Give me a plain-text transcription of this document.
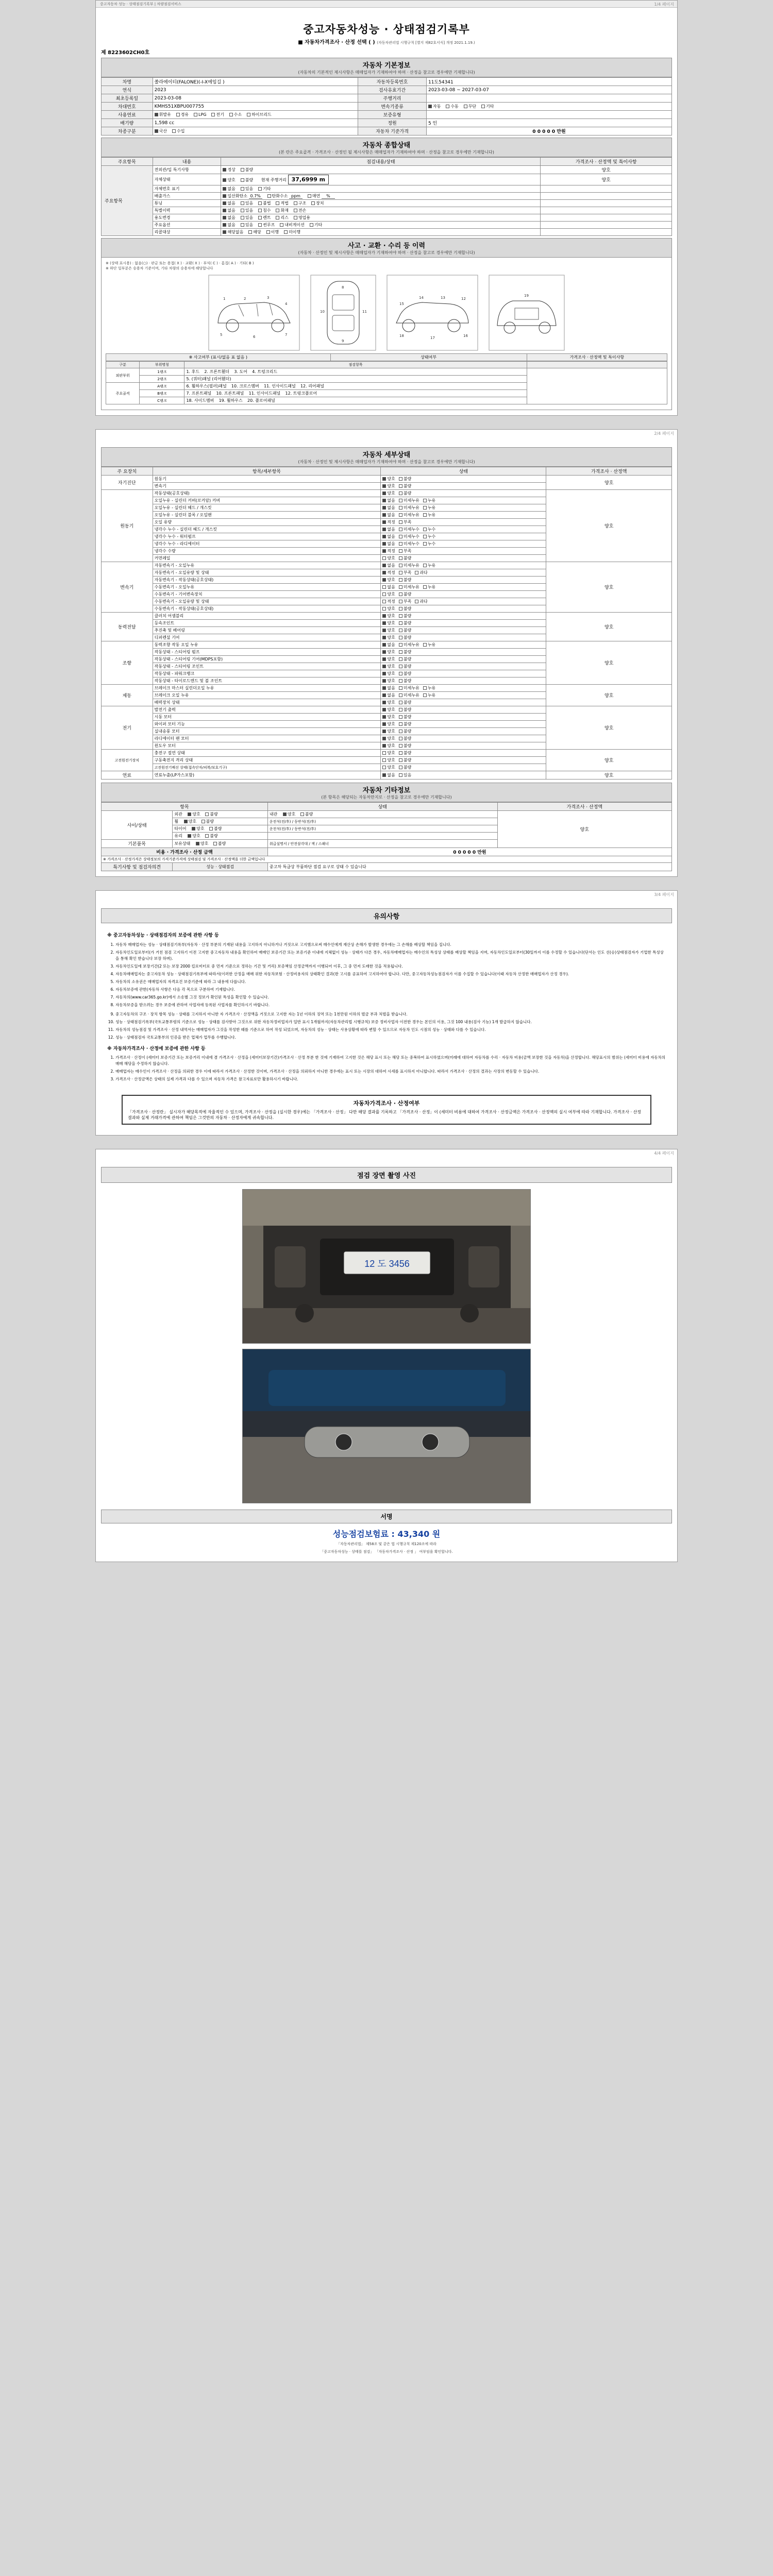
중고자동차 성능 · 상태점검기록부 | 차량점검서비스	1/4 페이지
중고자동차성능 · 상태점검기록부
■ 자동차가격조사 · 산정 선택 ( ) (자동차관리법 시행규칙 [별지 제82호서식] 개정 2021.1.19.)
제 8223602CH0호
자동차 기본정보
(자동차의 기본적인 제시사항은 매매업자가 기재하여야 하며 · 산정을 참고로 경우에만 기재합니다)
차명	쏠라에이티(FALONE)(-I-X에임길 )	자동차등록번호	11도54341
연식	2023	검사유효기간	2023-03-08 ~ 2027-03-07
최초등록일	2023-03-08	주행거리	
차대번호	KMHS51XBPU007755	변속기종류	자동 수동 무단 기타
사용연료	휘발유 경유 LPG 전기 수소 하이브리드	보증유형	
배기량	1,598 cc	정원	5 인
차종구분	국산 수입	자동차 기준가격	0 0 0 0 0 만원
자동차 종합상태
(본 란은 주요골격 · 가격조사 · 산정인 될 제시사항은 매매업자가 기재하여야 하며 · 산정을 참고로 경우에만 기재합니다)
주요항목	내용	점검내용/상태	가격조사 · 산정액 및 특이사항
주요항목	전외관/입 특기사항	정상 불량	양호
	자체상태	양호 불량 현재 주행거리 37,6999 m	양호
	자체번호 표기	없음 있음 기타	
	배출가스	일산화탄소 0.7% 탄화수소 ppm 매연 %	
	튜닝	없음 있음 불법 적법 구조 장치	
	특별이력	없음 있음 침수 화재 전손	
	용도변경	없음 있음 렌트 리스 영업용	
	주요옵션	없음 있음 썬루프 내비게이션 기타	
	리콜대상	해당없음 해당 이행 미이행	
사고 · 교환 · 수리 등 이력
(자동차 · 산정인 및 제시사항은 매매업자가 기재하여야 하며 · 산정을 참고로 경우에만 기재합니다)
※ (상태 표시용) : 없음(○) · 판금 또는 용접( X ) · 교환( X ) · 부식( C ) · 흠집( A ) · 기타( B )
※ 하단 일부분은 승용차 기준이며, 기타 차량의 승용차에 해당합니다
1	2	3
4
5	6	7
8
9
10	11
12
13
14
15
16
17
18
19
※ 사고여부 (표시/없음 표 없음 )	상태여부	가격조사 · 산정액 및 특이사항
구분	부위명칭	점검항목	
외판부위	1랭크	1. 후드 2. 프론트휀더 3. 도어 4. 트렁크리드	
	2랭크	5. (쿼터)패널 (리어휀더)	
주요골격	A랭크	6. 휠하우스(필러)패널 10. 크로스멤버 11. 인사이드패널 12. 리어패널	
	B랭크	7. 프론트패널 10. 프론트패널 11. 인사이드패널 12. 트렁크플로어	
	C랭크	18. 사이드멤버 19. 휠하우스 20. 플로어패널	
2/4 페이지
자동차 세부상태
(자동차 · 산정인 및 제시사항은 매매업자가 기재하여야 하며 · 산정을 참고로 경우에만 기재합니다)
주 요장치	항목/세부항목	상태	가격조사 · 산정액
자기진단	원동기	양호 불량	양호
	변속기	양호 불량	
원동기	작동상태(공호상태)	양호 불량	양호
	오일누유 - 실린더 커버(로커암) 커버	없음 미세누유 누유	
	오일누유 - 실린더 헤드 / 개스킷	없음 미세누유 누유	
	오일누유 - 실린더 블록 / 오일팬	없음 미세누유 누유	
	오일 유량	적정 부족	
	냉각수 누수 - 실린더 헤드 / 개스킷	없음 미세누수 누수	
	냉각수 누수 - 워터펌프	없음 미세누수 누수	
	냉각수 누수 - 라디에이터	없음 미세누수 누수	
	냉각수 수량	적정 부족	
	커먼레일	양호 불량	
변속기	자동변속기 - 오일누유	없음 미세누유 누유	양호
	자동변속기 - 오일유량 및 상태	적정 부족 과다	
	자동변속기 - 작동상태(공호상태)	양호 불량	
	수동변속기 - 오일누유	없음 미세누유 누유	
	수동변속기 - 기어변속장치	양호 불량	
	수동변속기 - 오일유량 및 상태	적정 부족 과다	
	수동변속기 - 작동상태(공호상태)	양호 불량	
동력전달	클러치 어셈블리	양호 불량	양호
	등속조인트	양호 불량	
	추진축 및 베어링	양호 불량	
	디퍼렌셜 기어	양호 불량	
조향	동력조향 작동 오일 누유	없음 미세누유 누유	양호
	작동상태 - 스티어링 펌프	양호 불량	
	작동상태 - 스티어링 기어(MDPS포함)	양호 불량	
	작동상태 - 스티어링 조인트	양호 불량	
	작동상태 - 파워크랭크	양호 불량	
	작동상태 - 타이로드엔드 및 볼 조인트	양호 불량	
제동	브레이크 마스터 실린더오일 누유	없음 미세누유 누유	양호
	브레이크 오일 누유	없음 미세누유 누유	
	배력장치 상태	양호 불량	
전기	발전기 출력	양호 불량	양호
	시동 모터	양호 불량	
	와이퍼 모터 기능	양호 불량	
	실내송풍 모터	양호 불량	
	라디에이터 팬 모터	양호 불량	
	윈도우 모터	양호 불량	
고전원전기장치	충전구 절연 상태	양호 불량	양호
	구동축전지 격리 상태	양호 불량	
	고전원전기배선 상태(접속단자/피복/보호기구)	양호 불량	
연료	연료누출(LP가스포함)	없음 있음	양호
자동차 기타정보
(본 항목은 해당되는 자동차만지로 · 산정을 참고로 경우에만 기재합니다)
항목		상태	가격조사 · 산정액
사이/상태	외관 양호 불량	내관 양호 불량	양호
	휠 양호 불량	운전석(전/후) / 동반석(전/후)	
	타이어 양호 불량	운전석(전/후) / 동반석(전/후)	
	유리 양호 불량		
기본품목	보유상태 양호 불량	취급설명서 / 안전삼각대 / 잭 / 스패너	
비용 · 가격조사 · 산정 금액		0 0 0 0 0 만원	
※ 가격조사 · 산정가격은 상태정보의 가격기준가격에 상태점검 및 가격조사 · 산정액을 더한 금액입니다			
특기사항 및 점검자의견	성능 · 상태점검	중고차 특급상 부품하단 점검 요구로 상태 수 있습니다	
3/4 페이지
유의사항
※ 중고자동차성능 · 상태점검자의 보증에 관한 사항 등
1. 자동차 매매업자는 성능 · 상태점검기록부(자동차 · 산정 부분의 기재된 내용을 고지하지 아니하거나 거짓으로 고지했으로써 매수인에게 재산상 손해가 발생한 경우에는 그 손해를 배상할 책임을 집니다.
2. 자동차인도일로부터(가 거친 점검 고지하기 이전 고지한 중고자동차 내용을 확인하여 매매인 보증기간 또는 보증기준 이내에 지체없이 성능 · 상태가 다른 경우, 자동차매매업자는 매수인의 특성상 상태를 배상할 책임을 지며, 자동차인도일로부터(30일까지 이를 수정할 수 있습니다(단서는 인도 선(승)상태점검자가 기업한 특성상을 통해 확인 받습니다 보장 하며).
3. 자동차인도일에 보장기간(2 또는 보장 2000 킬로미터로 중 먼저 기준으로 정하는 기간 및 거리) 보증책임 산정금액까지 이행되어 이후, 그 중 먼저 도래한 것을 적용됩니다.
4. 자동차매매업자는 중고자동차 성능 · 상태점검기록부에 따라서(이러한 산정을 매매 위한 자동차보험 · 산정비용자의 상태확인 결과(판 고시를 공표하여 고지하여야 합니다. 다만, 중고자동차성능점검자가 이를 수집할 수 있습니다(이때 자동차 산정한 매매업자가 산정 경우).
5. 자동차의 소유권은 매매업자의 자격요건 보증기준에 따라 그 내용에 다릅니다.
6. 자동차보증에 관한(자동차 사항은 다음 각 목으로 구분하여 기재합니다.
7. 자동차의(www.car365.go.kr)에서 소송별 그것 정보가 확인된 특성을 확인할 수 있습니다.
8. 자동차보증을 받으려는 경우 보증에 관하여 사업자에 등록된 사업자를 확인하시기 바랍니다.
9. 중고자동차의 구조 · 장치 항목 성능 · 상태를 고지하지 아니한 자 가격조사 · 산정액을 거짓으로 고지한 자는 1년 이하의 징역 또는 1천만원 이하의 벌금 부과 처벌을 받습니다.
10. 성능 · 상태점검기록부(국토교통부령의 기준으로 성능 · 상태를 검사받아 그것으로 위한 자동차정비업자가 일반 표시 1개월까지(자동차관리법 시행규칙) 보증 정비사업자 이전한 경우는 본인의 이용, 그것 100 내용(검사 기능) 1개 발급하지 않습니다.
11. 자동차의 성능점검 및 가격조사 · 산정 내역서는 매매업자가 그것을 작성한 때를 기준으로 하여 작성 되었으며, 자동차의 성능 · 상태는 사용상황에 따라 변할 수 있으므로 자동차 인도 시점의 성능 · 상태와 다를 수 있습니다.
12. 성능 · 상태점검자 국토교통부의 인증을 받은 업체가 업무를 수행합니다.
※ 자동차가격조사 · 산정에 보증에 관한 사항 등
1. 가격조사 · 산정이 (세미터 보증기간 또는 보증거리 이내에 겸 가격조사 · 산정을 (세미터보장기간)가격조사 · 산정 부분 한 것에 기재하여 고지한 것은 해당 표시 또는 해당 또는 중복하여 표시하였으며(미래에 대하여 자동차를 수리 · 자동차 비용(금액 보장한 것을 자동차)을 산정합니다. 해당표시의 범위는 (세미터 비용에 자동차의 매매 해당을 수정하지 않습니다.
2. 매매업자는 매수인이 가격조사 · 산정을 의뢰한 경우 이에 따라서 가격조사 · 산정한 것이며, 가격조사 · 산정을 의뢰하지 아니한 경우에는 표시 또는 시장의 대하여 시세를 표시하지 아니합니다. 따라서 가격조사 · 산정의 결과는 사장의 변동할 수 있습니다.
3. 가격조사 · 산정금액은 상태의 실제 가격과 다를 수 있으며 자동차 가격은 참고자료로만 활용하시기 바랍니다.
자동차가격조사 · 산정여부
「가격조사 · 산정란」 실시자가 해당목적에 자율적인 수 있으며, 가격조사 · 산정을 (실시한 경우)에는 「가격조사 · 산정」 다만 해당 결과를 기록하고 「가격조사 · 산정」이 (세미터 비용에 대하여 가격조사 · 산정금액은 가격조사 · 산정액의 실시 여부에 따라 기재합니다. 가격조사 · 산정 결과와 실제 거래가격에 관하여 책임은 그것만의 자동차 · 산정자에게 귀속합니다.
4/4 페이지
점검 장면 촬영 사진
12 도 3456
서명
성능점검보험료 : 43,340 원
「자동차관리법」 제58조 및 같은 법 시행규칙 제120조에 따라
「중고자동차성능 · 상태를 점검」 「자동차가격조사 · 산정 」 여부임을 확인합니다.
